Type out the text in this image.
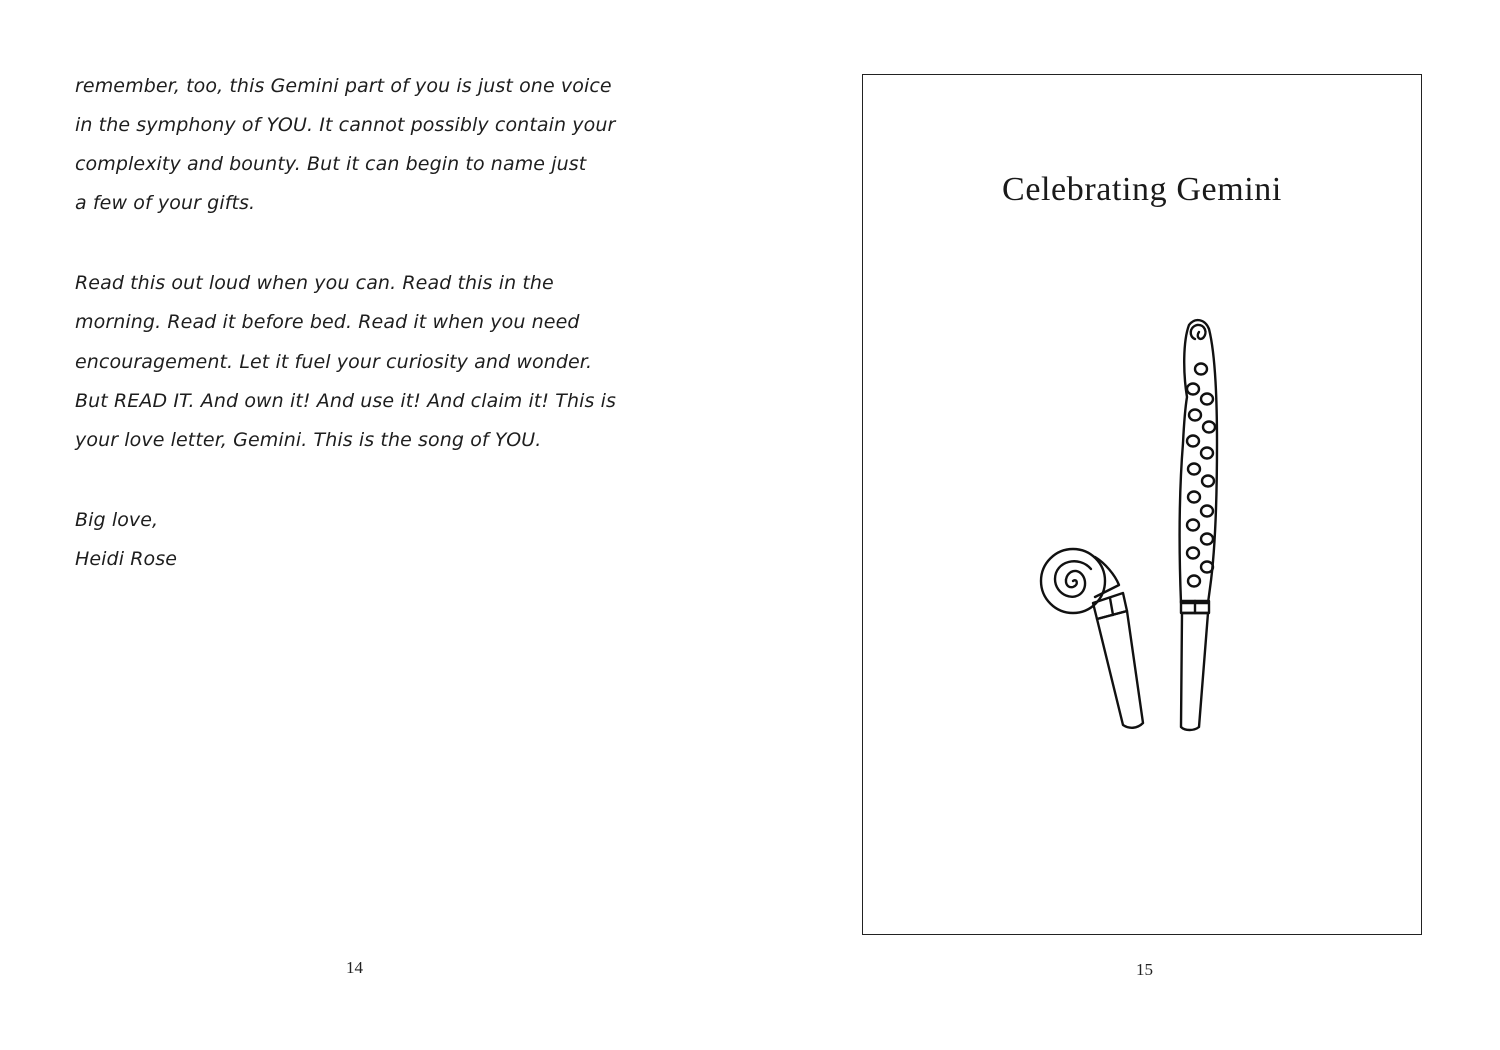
remember, too, this Gemini part of you is just one voice
in the symphony of YOU. It cannot possibly contain your
complexity and bounty. But it can begin to name just
a few of your gifts.
Read this out loud when you can. Read this in the
morning. Read it before bed. Read it when you need
encouragement. Let it fuel your curiosity and wonder.
But READ IT. And own it! And use it! And claim it! This is
your love letter, Gemini. This is the song of YOU.
Big love,
Heidi Rose
14
Celebrating Gemini
15
